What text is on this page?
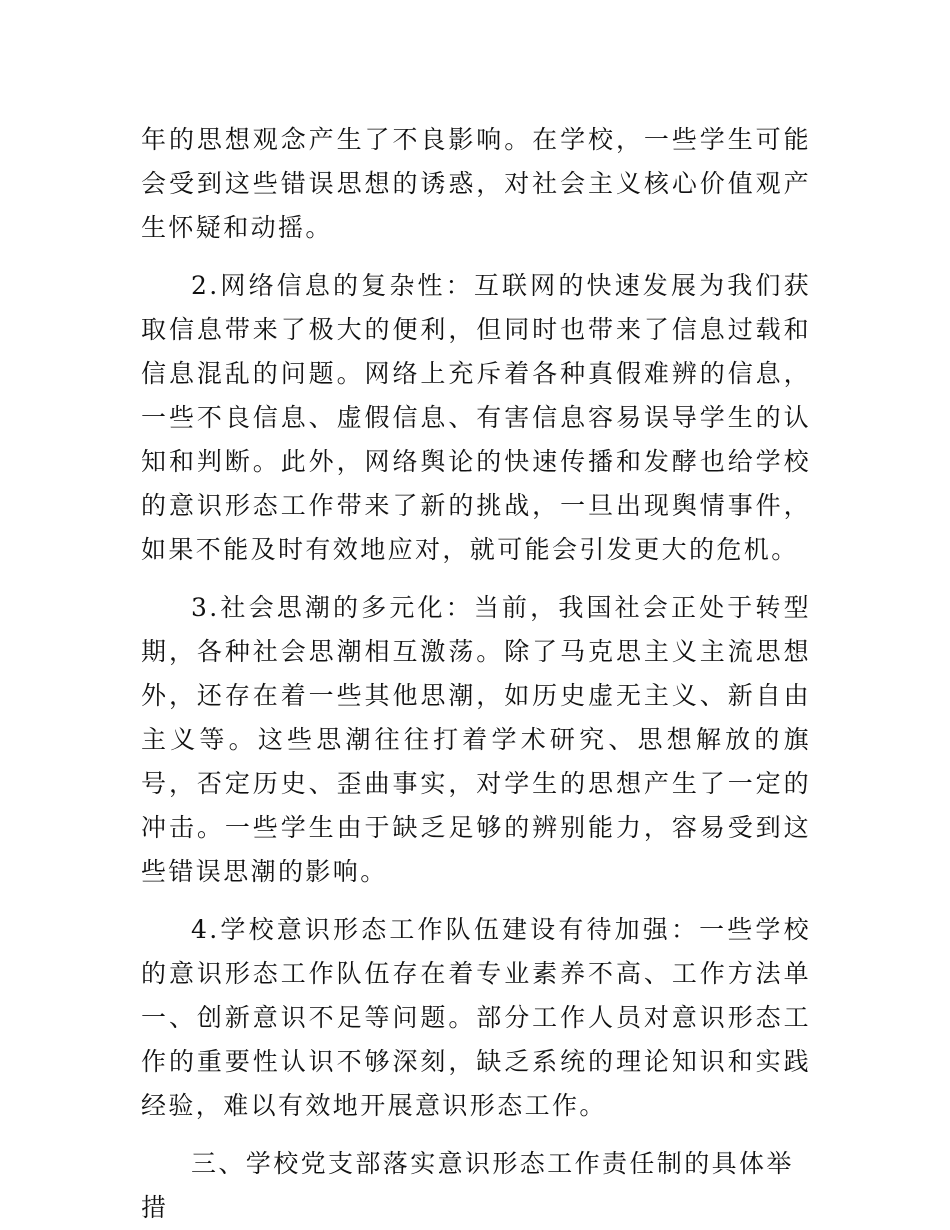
年的思想观念产生了不良影响。在学校，一些学生可能会受到这些错误思想的诱惑，对社会主义核心价值观产生怀疑和动摇。

2.网络信息的复杂性：互联网的快速发展为我们获取信息带来了极大的便利，但同时也带来了信息过载和信息混乱的问题。网络上充斥着各种真假难辨的信息，一些不良信息、虚假信息、有害信息容易误导学生的认知和判断。此外，网络舆论的快速传播和发酵也给学校的意识形态工作带来了新的挑战，一旦出现舆情事件，如果不能及时有效地应对，就可能会引发更大的危机。

3.社会思潮的多元化：当前，我国社会正处于转型期，各种社会思潮相互激荡。除了马克思主义主流思想外，还存在着一些其他思潮，如历史虚无主义、新自由主义等。这些思潮往往打着学术研究、思想解放的旗号，否定历史、歪曲事实，对学生的思想产生了一定的冲击。一些学生由于缺乏足够的辨别能力，容易受到这些错误思潮的影响。

4.学校意识形态工作队伍建设有待加强：一些学校的意识形态工作队伍存在着专业素养不高、工作方法单一、创新意识不足等问题。部分工作人员对意识形态工作的重要性认识不够深刻，缺乏系统的理论知识和实践经验，难以有效地开展意识形态工作。

三、学校党支部落实意识形态工作责任制的具体举措
